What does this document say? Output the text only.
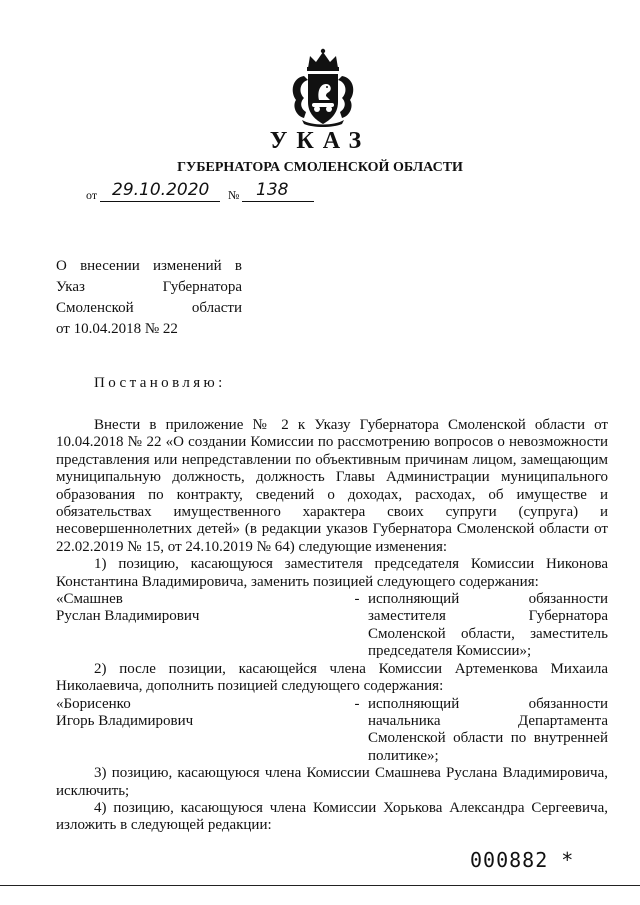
УКАЗ
ГУБЕРНАТОРА СМОЛЕНСКОЙ ОБЛАСТИ
от 29.10.2020 № 138
О внесении изменений в
Указ Губернатора
Смоленской области
от 10.04.2018 № 22
Постановляю:

Внести в приложение № 2 к Указу Губернатора Смоленской области от 10.04.2018 № 22 «О создании Комиссии по рассмотрению вопросов о невозможности представления или непредставлении по объективным причинам лицом, замещающим муниципальную должность, должность Главы Администрации муниципального образования по контракту, сведений о доходах, расходах, об имуществе и обязательствах имущественного характера своих супруги (супруга) и несовершеннолетних детей» (в редакции указов Губернатора Смоленской области от 22.02.2019 № 15, от 24.10.2019 № 64) следующие изменения:

1) позицию, касающуюся заместителя председателя Комиссии Никонова Константина Владимировича, заменить позицией следующего содержания:

«Смашнев
Руслан Владимирович
- исполняющий обязанности заместителя Губернатора Смоленской области, заместитель
председателя Комиссии»;

2) после позиции, касающейся члена Комиссии Артеменкова Михаила Николаевича, дополнить позицией следующего содержания:

«Борисенко
Игорь Владимирович
- исполняющий обязанности начальника Департамента Смоленской области по внутренней
политике»;

3) позицию, касающуюся члена Комиссии Смашнева Руслана Владимировича, исключить;

4) позицию, касающуюся члена Комиссии Хорькова Александра Сергеевича, изложить в следующей редакции:

000882 *
